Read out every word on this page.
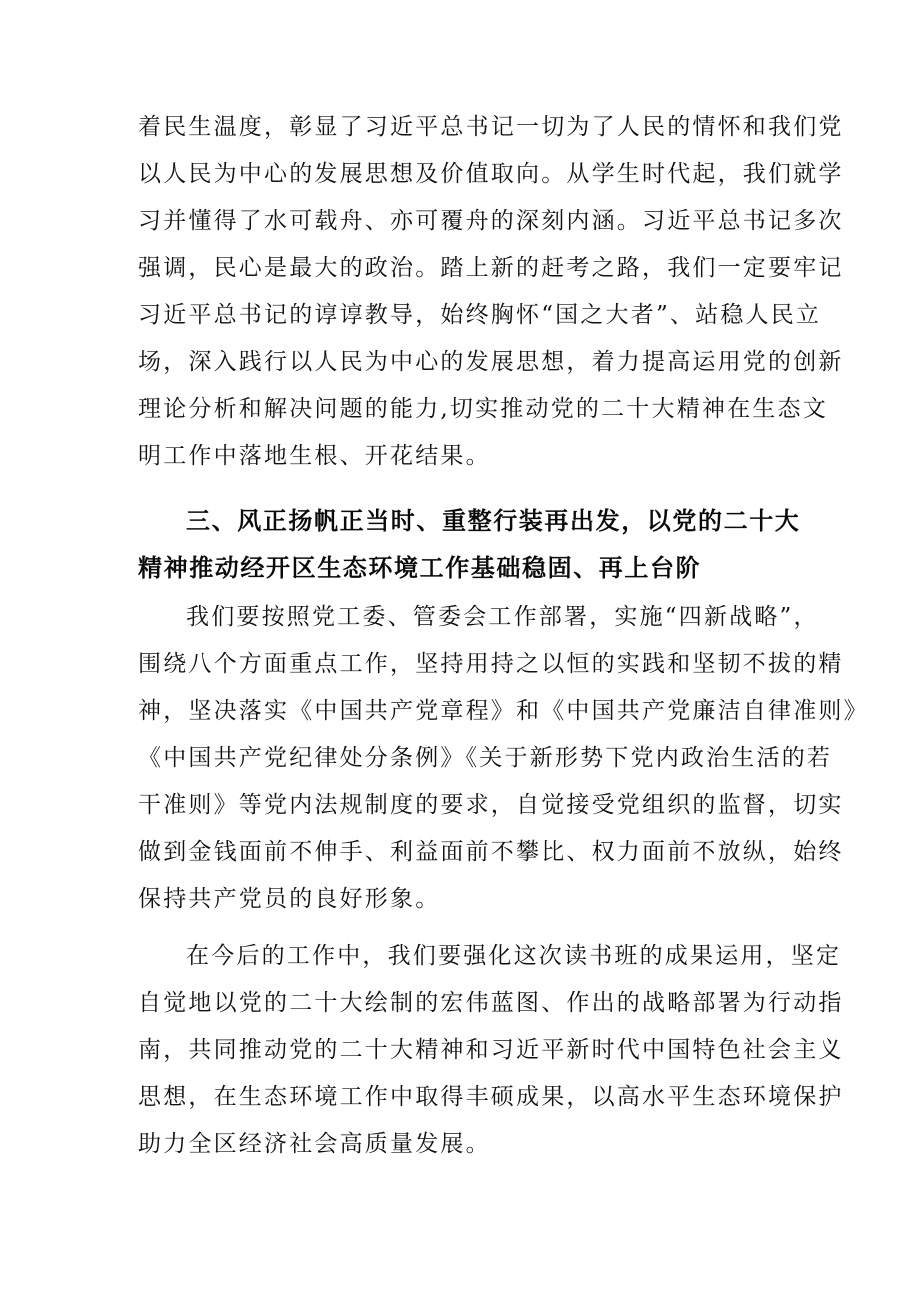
着民生温度，彰显了习近平总书记一切为了人民的情怀和我们党
以人民为中心的发展思想及价值取向。从学生时代起，我们就学
习并懂得了水可载舟、亦可覆舟的深刻内涵。习近平总书记多次
强调，民心是最大的政治。踏上新的赶考之路，我们一定要牢记
习近平总书记的谆谆教导，始终胸怀“国之大者”、站稳人民立
场，深入践行以人民为中心的发展思想，着力提高运用党的创新
理论分析和解决问题的能力,切实推动党的二十大精神在生态文
明工作中落地生根、开花结果。
三、风正扬帆正当时、重整行装再出发，以党的二十大
精神推动经开区生态环境工作基础稳固、再上台阶
我们要按照党工委、管委会工作部署，实施“四新战略”，
围绕八个方面重点工作，坚持用持之以恒的实践和坚韧不拔的精
神，坚决落实《中国共产党章程》和《中国共产党廉洁自律准则》
《中国共产党纪律处分条例》《关于新形势下党内政治生活的若
干准则》等党内法规制度的要求，自觉接受党组织的监督，切实
做到金钱面前不伸手、利益面前不攀比、权力面前不放纵，始终
保持共产党员的良好形象。
在今后的工作中，我们要强化这次读书班的成果运用，坚定
自觉地以党的二十大绘制的宏伟蓝图、作出的战略部署为行动指
南，共同推动党的二十大精神和习近平新时代中国特色社会主义
思想，在生态环境工作中取得丰硕成果，以高水平生态环境保护
助力全区经济社会高质量发展。
